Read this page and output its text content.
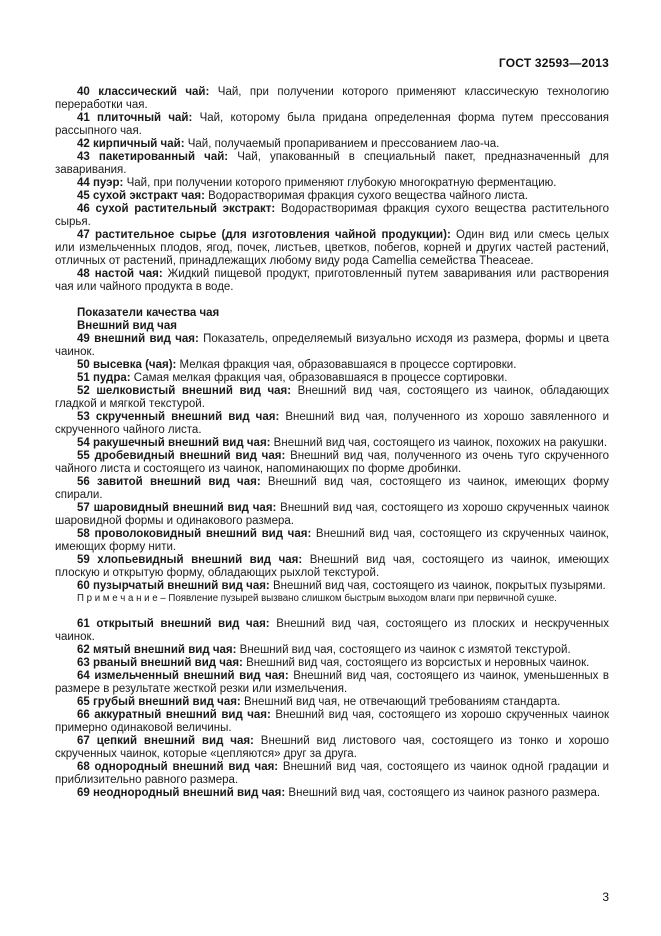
ГОСТ 32593—2013

40 классический чай: Чай, при получении которого применяют классическую технологию переработки чая.

41 плиточный чай: Чай, которому была придана определенная форма путем прессования рассыпного чая.

42 кирпичный чай: Чай, получаемый пропариванием и прессованием лао-ча.

43 пакетированный чай: Чай, упакованный в специальный пакет, предназначенный для заваривания.

44 пуэр: Чай, при получении которого применяют глубокую многократную ферментацию.

45 сухой экстракт чая: Водорастворимая фракция сухого вещества чайного листа.

46 сухой растительный экстракт: Водорастворимая фракция сухого вещества растительного сырья.

47 растительное сырье (для изготовления чайной продукции): Один вид или смесь целых или измельченных плодов, ягод, почек, листьев, цветков, побегов, корней и других частей растений, отличных от растений, принадлежащих любому виду рода Camellia семейства Theaceae.

48 настой чая: Жидкий пищевой продукт, приготовленный путем заваривания или растворения чая или чайного продукта в воде.

Показатели качества чая

Внешний вид чая

49 внешний вид чая: Показатель, определяемый визуально исходя из размера, формы и цвета чаинок.

50 высевка (чая): Мелкая фракция чая, образовавшаяся в процессе сортировки.

51 пудра: Самая мелкая фракция чая, образовавшаяся в процессе сортировки.

52 шелковистый внешний вид чая: Внешний вид чая, состоящего из чаинок, обладающих гладкой и мягкой текстурой.

53 скрученный внешний вид чая: Внешний вид чая, полученного из хорошо завяленного и скрученного чайного листа.

54 ракушечный внешний вид чая: Внешний вид чая, состоящего из чаинок, похожих на ракушки.

55 дробевидный внешний вид чая: Внешний вид чая, полученного из очень туго скрученного чайного листа и состоящего из чаинок, напоминающих по форме дробинки.

56 завитой внешний вид чая: Внешний вид чая, состоящего из чаинок, имеющих форму спирали.

57 шаровидный внешний вид чая: Внешний вид чая, состоящего из хорошо скрученных чаинок шаровидной формы и одинакового размера.

58 проволоковидный внешний вид чая: Внешний вид чая, состоящего из скрученных чаинок, имеющих форму нити.

59 хлопьевидный внешний вид чая: Внешний вид чая, состоящего из чаинок, имеющих плоскую и открытую форму, обладающих рыхлой текстурой.

60 пузырчатый внешний вид чая: Внешний вид чая, состоящего из чаинок, покрытых пузырями.

П р и м е ч а н и е – Появление пузырей вызвано слишком быстрым выходом влаги при первичной сушке.

61 открытый внешний вид чая: Внешний вид чая, состоящего из плоских и нескрученных чаинок.

62 мятый внешний вид чая: Внешний вид чая, состоящего из чаинок с измятой текстурой.

63 рваный внешний вид чая: Внешний вид чая, состоящего из ворсистых и неровных чаинок.

64 измельченный внешний вид чая: Внешний вид чая, состоящего из чаинок, уменьшенных в размере в результате жесткой резки или измельчения.

65 грубый внешний вид чая: Внешний вид чая, не отвечающий требованиям стандарта.

66 аккуратный внешний вид чая: Внешний вид чая, состоящего из хорошо скрученных чаинок примерно одинаковой величины.

67 цепкий внешний вид чая: Внешний вид листового чая, состоящего из тонко и хорошо скрученных чаинок, которые «цепляются» друг за друга.

68 однородный внешний вид чая: Внешний вид чая, состоящего из чаинок одной градации и приблизительно равного размера.

69 неоднородный внешний вид чая: Внешний вид чая, состоящего из чаинок разного размера.

3
